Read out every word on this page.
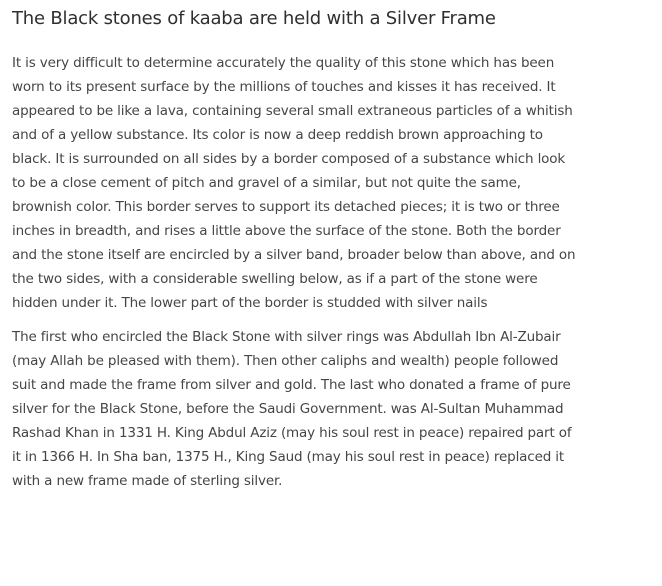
The Black stones of kaaba are held with a Silver Frame

It is very difficult to determine accurately the quality of this stone which has been worn to its present surface by the millions of touches and kisses it has received. It appeared to be like a lava, containing several small extraneous particles of a whitish and of a yellow substance. Its color is now a deep reddish brown approaching to black. It is surrounded on all sides by a border composed of a substance which look to be a close cement of pitch and gravel of a similar, but not quite the same, brownish color. This border serves to support its detached pieces; it is two or three inches in breadth, and rises a little above the surface of the stone. Both the border and the stone itself are encircled by a silver band, broader below than above, and on the two sides, with a considerable swelling below, as if a part of the stone were hidden under it. The lower part of the border is studded with silver nails

The first who encircled the Black Stone with silver rings was Abdullah Ibn Al-Zubair (may Allah be pleased with them). Then other caliphs and wealth) people followed suit and made the frame from silver and gold. The last who donated a frame of pure silver for the Black Stone, before the Saudi Government. was Al-Sultan Muhammad Rashad Khan in 1331 H. King Abdul Aziz (may his soul rest in peace) repaired part of it in 1366 H. In Sha ban, 1375 H., King Saud (may his soul rest in peace) replaced it with a new frame made of sterling silver.
